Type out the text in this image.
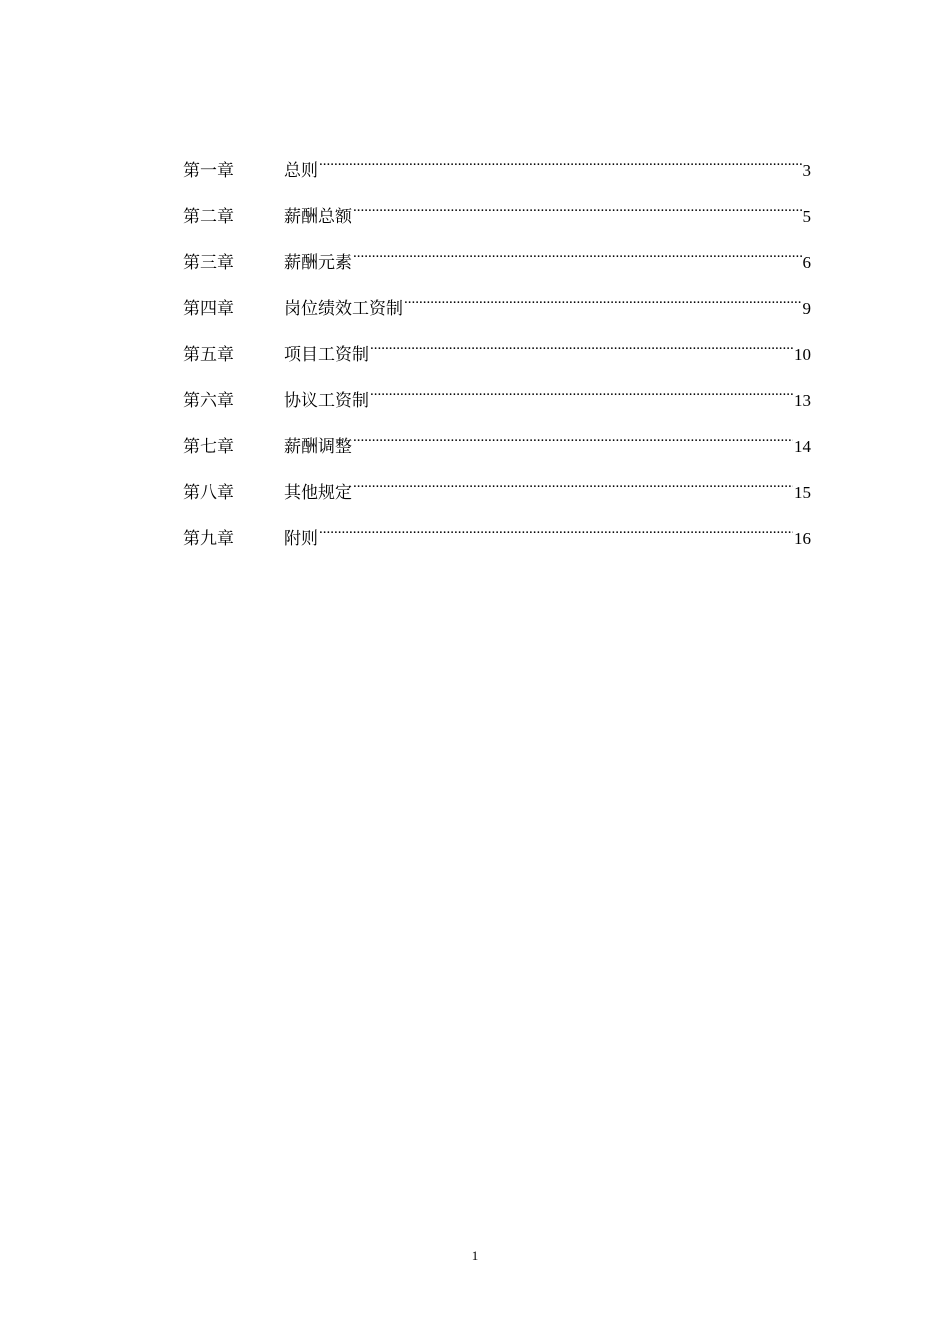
第一章	总则 .....	3
第二章	薪酬总额 .....	5
第三章	薪酬元素 .....	6
第四章	岗位绩效工资制 .....	9
第五章	项目工资制 .....	10
第六章	协议工资制 .....	13
第七章	薪酬调整 .....	14
第八章	其他规定 .....	15
第九章	附则 .....	16
1
